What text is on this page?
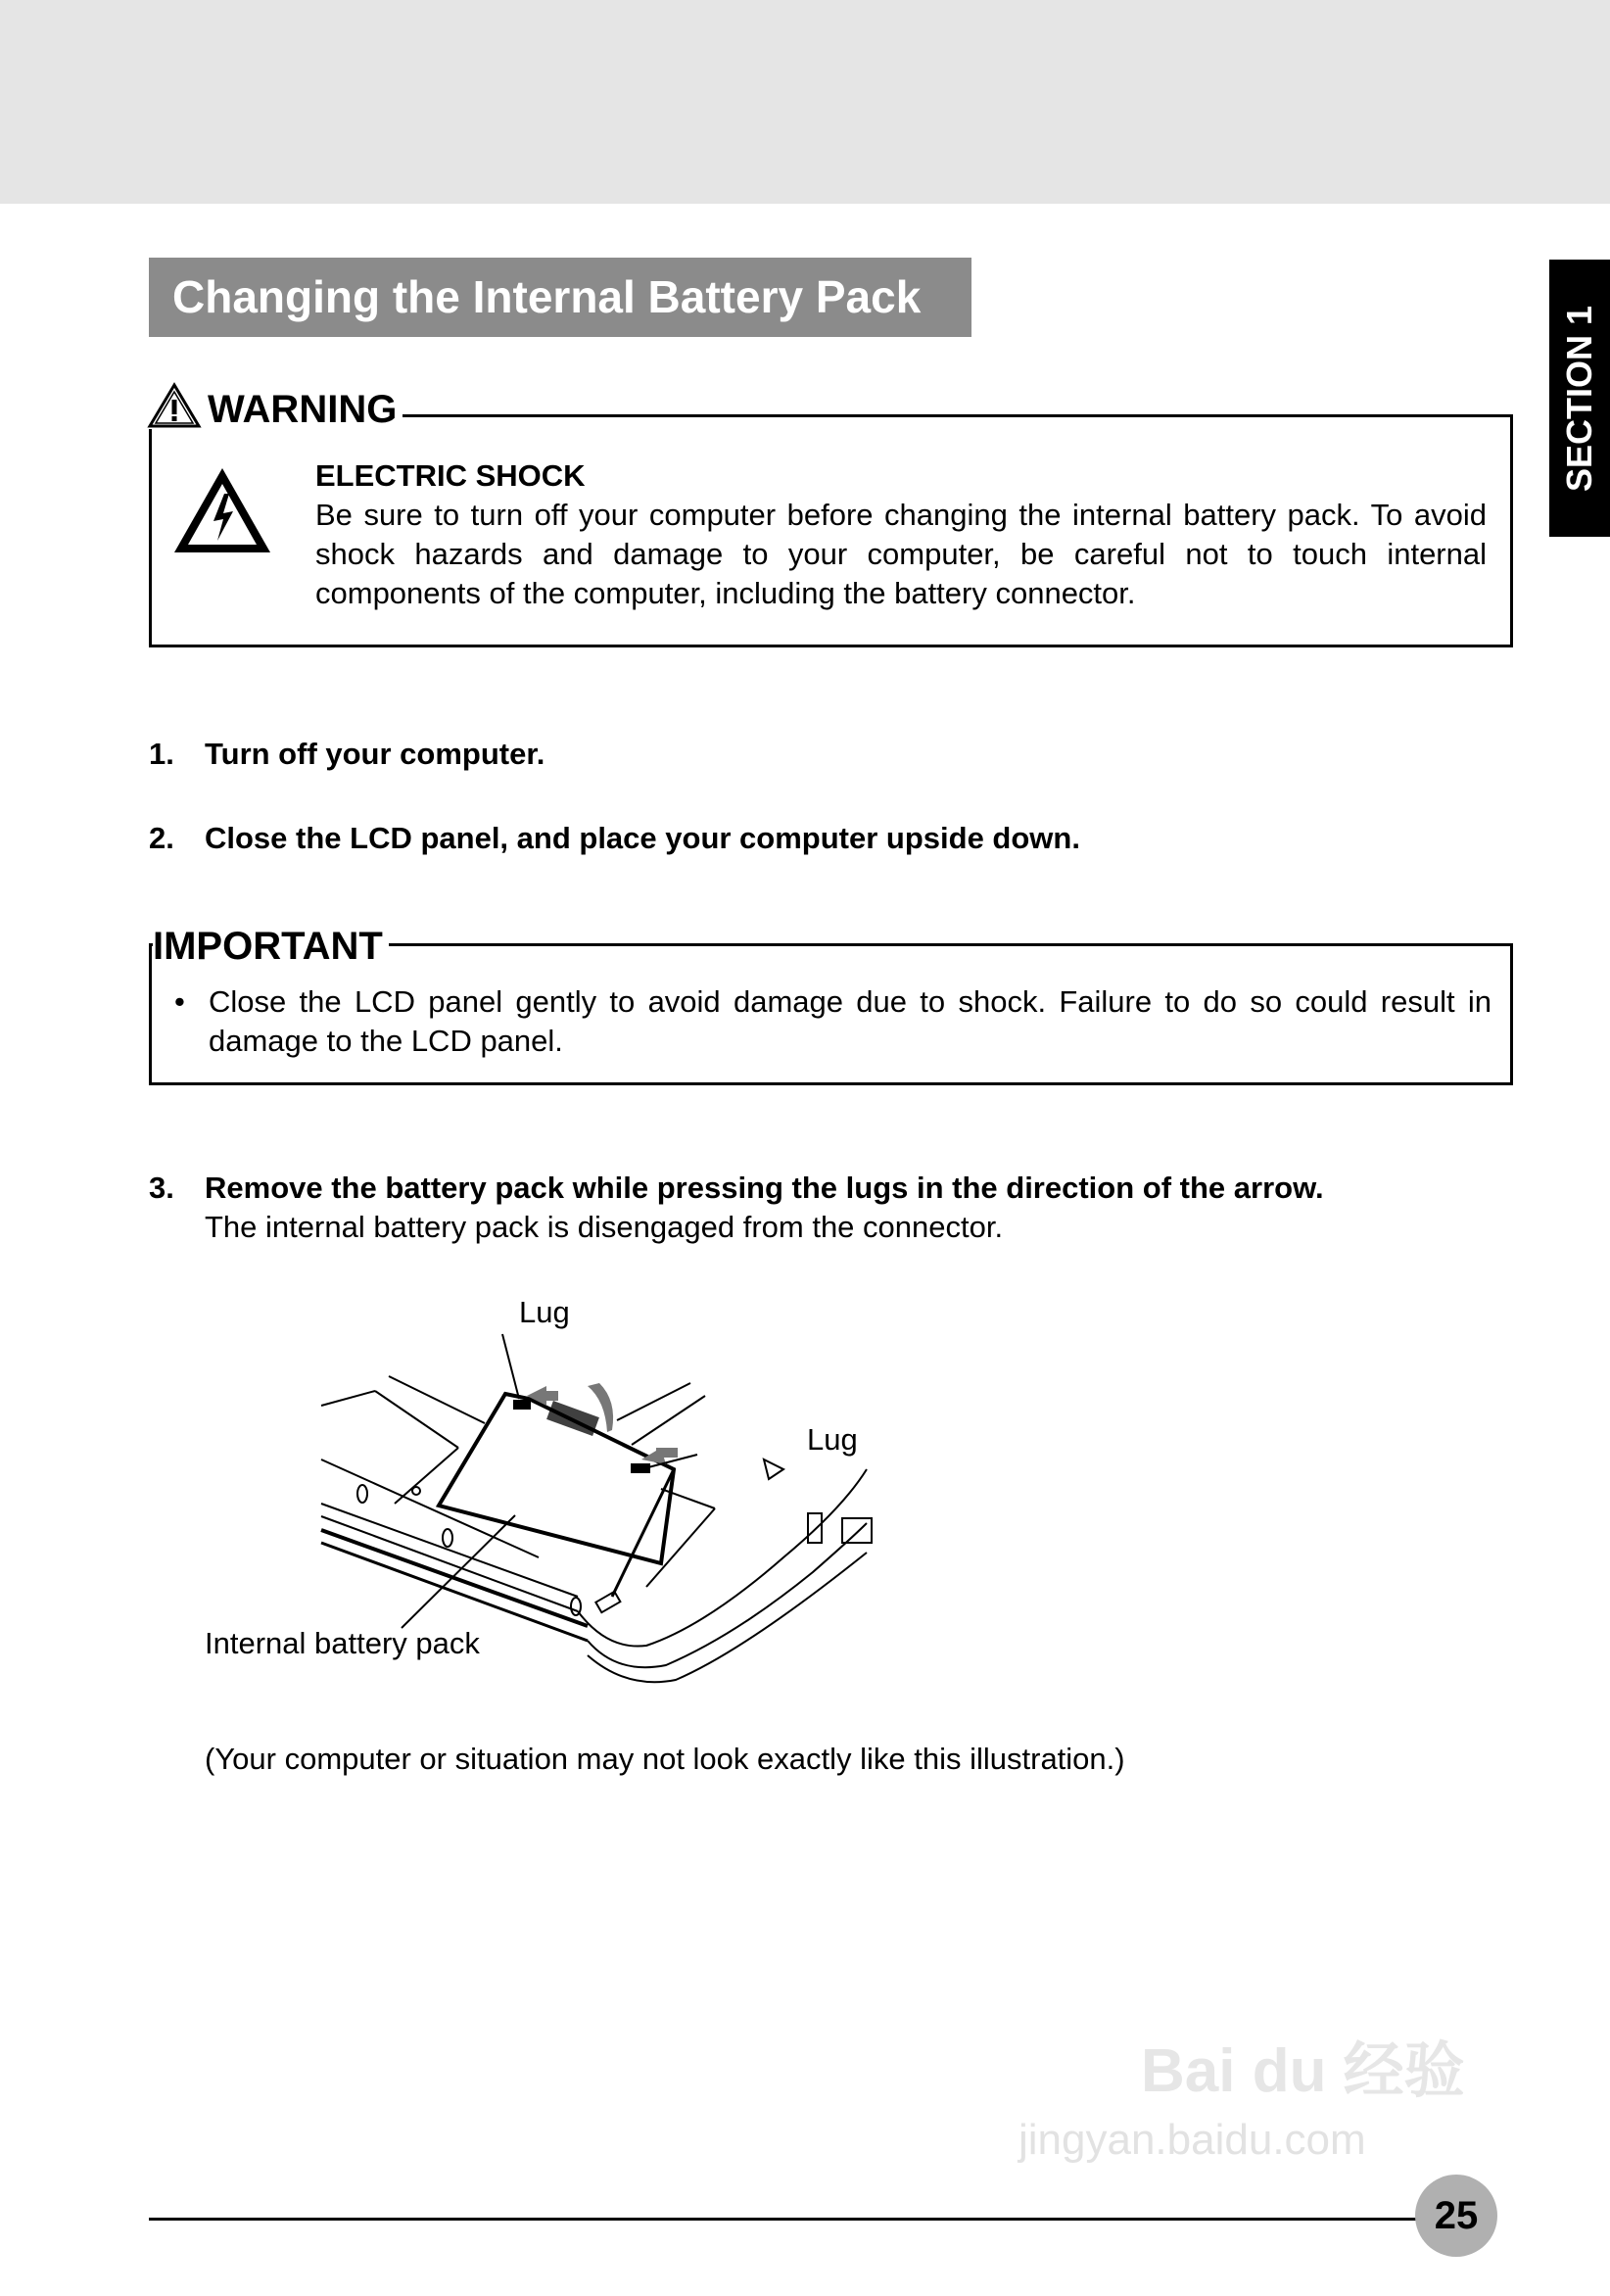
Changing the Internal Battery Pack
SECTION 1
WARNING
ELECTRIC SHOCK
Be sure to turn off your computer before changing the internal battery pack. To avoid shock hazards and damage to your computer, be careful not to touch internal components of the computer, including the battery connector.
1. Turn off your computer.
2. Close the LCD panel, and place your computer upside down.
IMPORTANT
• Close the LCD panel gently to avoid damage due to shock. Failure to do so could result in damage to the LCD panel.
3. Remove the battery pack while pressing the lugs in the direction of the arrow.
The internal battery pack is disengaged from the connector.
Lug
Lug
Internal battery pack
(Your computer or situation may not look exactly like this illustration.)
Bai du 经验
jingyan.baidu.com
25
